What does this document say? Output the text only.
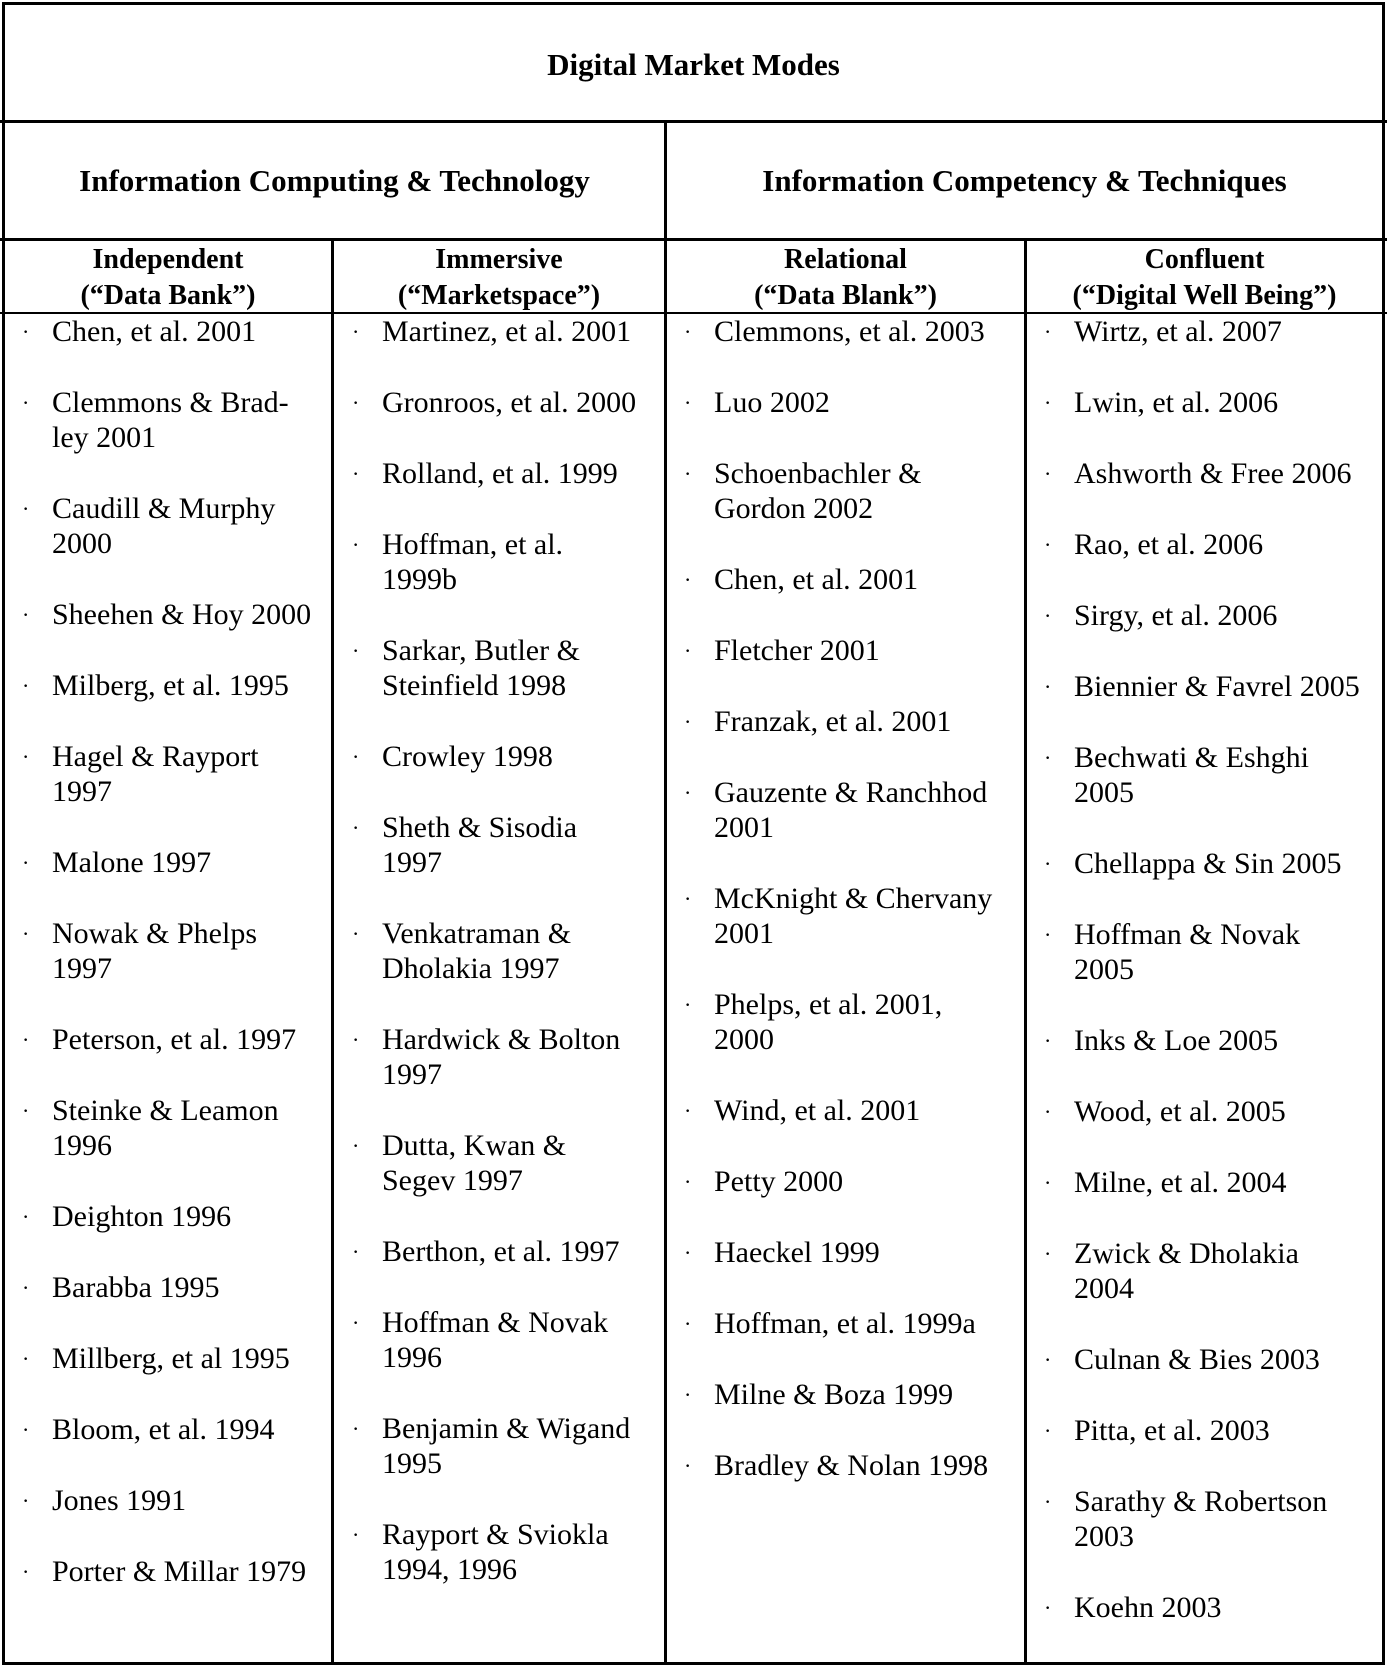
Digital Market Modes
Information Computing & Technology	Information Competency & Techniques
Independent
(“Data Bank”)
Immersive
(“Marketspace”)
Relational
(“Data Blank”)
Confluent
(“Digital Well Being”)
· Chen, et al. 2001
· Clemmons & Brad-
ley 2001
· Caudill & Murphy
2000
· Sheehen & Hoy 2000
· Milberg, et al. 1995
· Hagel & Rayport
1997
· Malone 1997
· Nowak & Phelps
1997
· Peterson, et al. 1997
· Steinke & Leamon
1996
· Deighton 1996
· Barabba 1995
· Millberg, et al 1995
· Bloom, et al. 1994
· Jones 1991
· Porter & Millar 1979
· Martinez, et al. 2001
· Gronroos, et al. 2000
· Rolland, et al. 1999
· Hoffman, et al.
1999b
· Sarkar, Butler &
Steinfield 1998
· Crowley 1998
· Sheth & Sisodia
1997
· Venkatraman &
Dholakia 1997
· Hardwick & Bolton
1997
· Dutta, Kwan &
Segev 1997
· Berthon, et al. 1997
· Hoffman & Novak
1996
· Benjamin & Wigand
1995
· Rayport & Sviokla
1994, 1996
· Clemmons, et al. 2003
· Luo 2002
· Schoenbachler &
Gordon 2002
· Chen, et al. 2001
· Fletcher 2001
· Franzak, et al. 2001
· Gauzente & Ranchhod
2001
· McKnight & Chervany
2001
· Phelps, et al. 2001,
2000
· Wind, et al. 2001
· Petty 2000
· Haeckel 1999
· Hoffman, et al. 1999a
· Milne & Boza 1999
· Bradley & Nolan 1998
· Wirtz, et al. 2007
· Lwin, et al. 2006
· Ashworth & Free 2006
· Rao, et al. 2006
· Sirgy, et al. 2006
· Biennier & Favrel 2005
· Bechwati & Eshghi
2005
· Chellappa & Sin 2005
· Hoffman & Novak
2005
· Inks & Loe 2005
· Wood, et al. 2005
· Milne, et al. 2004
· Zwick & Dholakia
2004
· Culnan & Bies 2003
· Pitta, et al. 2003
· Sarathy & Robertson
2003
· Koehn 2003
